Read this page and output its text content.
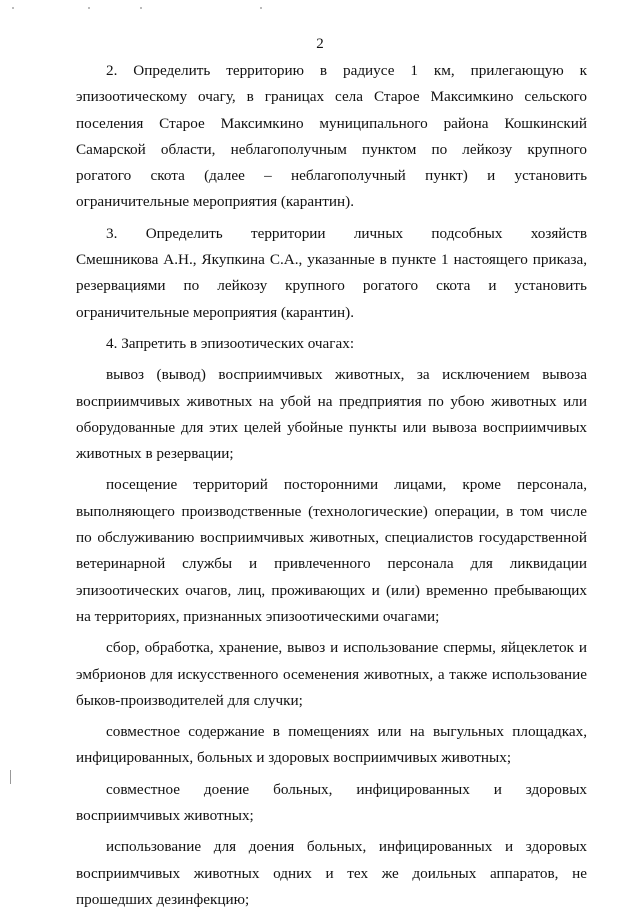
2
2. Определить территорию в радиусе 1 км, прилегающую к
эпизоотическому очагу, в границах села Старое Максимкино сельского
поселения Старое Максимкино муниципального района Кошкинский
Самарской области, неблагополучным пунктом по лейкозу крупного
рогатого скота (далее – неблагополучный пункт) и установить
ограничительные мероприятия (карантин).
3. Определить территории личных подсобных хозяйств
Смешникова А.Н., Якупкина С.А., указанные в пункте 1 настоящего приказа,
резервациями по лейкозу крупного рогатого скота и установить
ограничительные мероприятия (карантин).
4. Запретить в эпизоотических очагах:
вывоз (вывод) восприимчивых животных, за исключением вывоза
восприимчивых животных на убой на предприятия по убою животных или
оборудованные для этих целей убойные пункты или вывоза восприимчивых
животных в резервации;
посещение территорий посторонними лицами, кроме персонала,
выполняющего производственные (технологические) операции, в том числе
по обслуживанию восприимчивых животных, специалистов государственной
ветеринарной службы и привлеченного персонала для ликвидации
эпизоотических очагов, лиц, проживающих и (или) временно пребывающих
на территориях, признанных эпизоотическими очагами;
сбор, обработка, хранение, вывоз и использование спермы, яйцеклеток и
эмбрионов для искусственного осеменения животных, а также использование
быков-производителей для случки;
совместное содержание в помещениях или на выгульных площадках,
инфицированных, больных и здоровых восприимчивых животных;
совместное доение больных, инфицированных и здоровых
восприимчивых животных;
использование для доения больных, инфицированных и здоровых
восприимчивых животных одних и тех же доильных аппаратов, не
прошедших дезинфекцию;
